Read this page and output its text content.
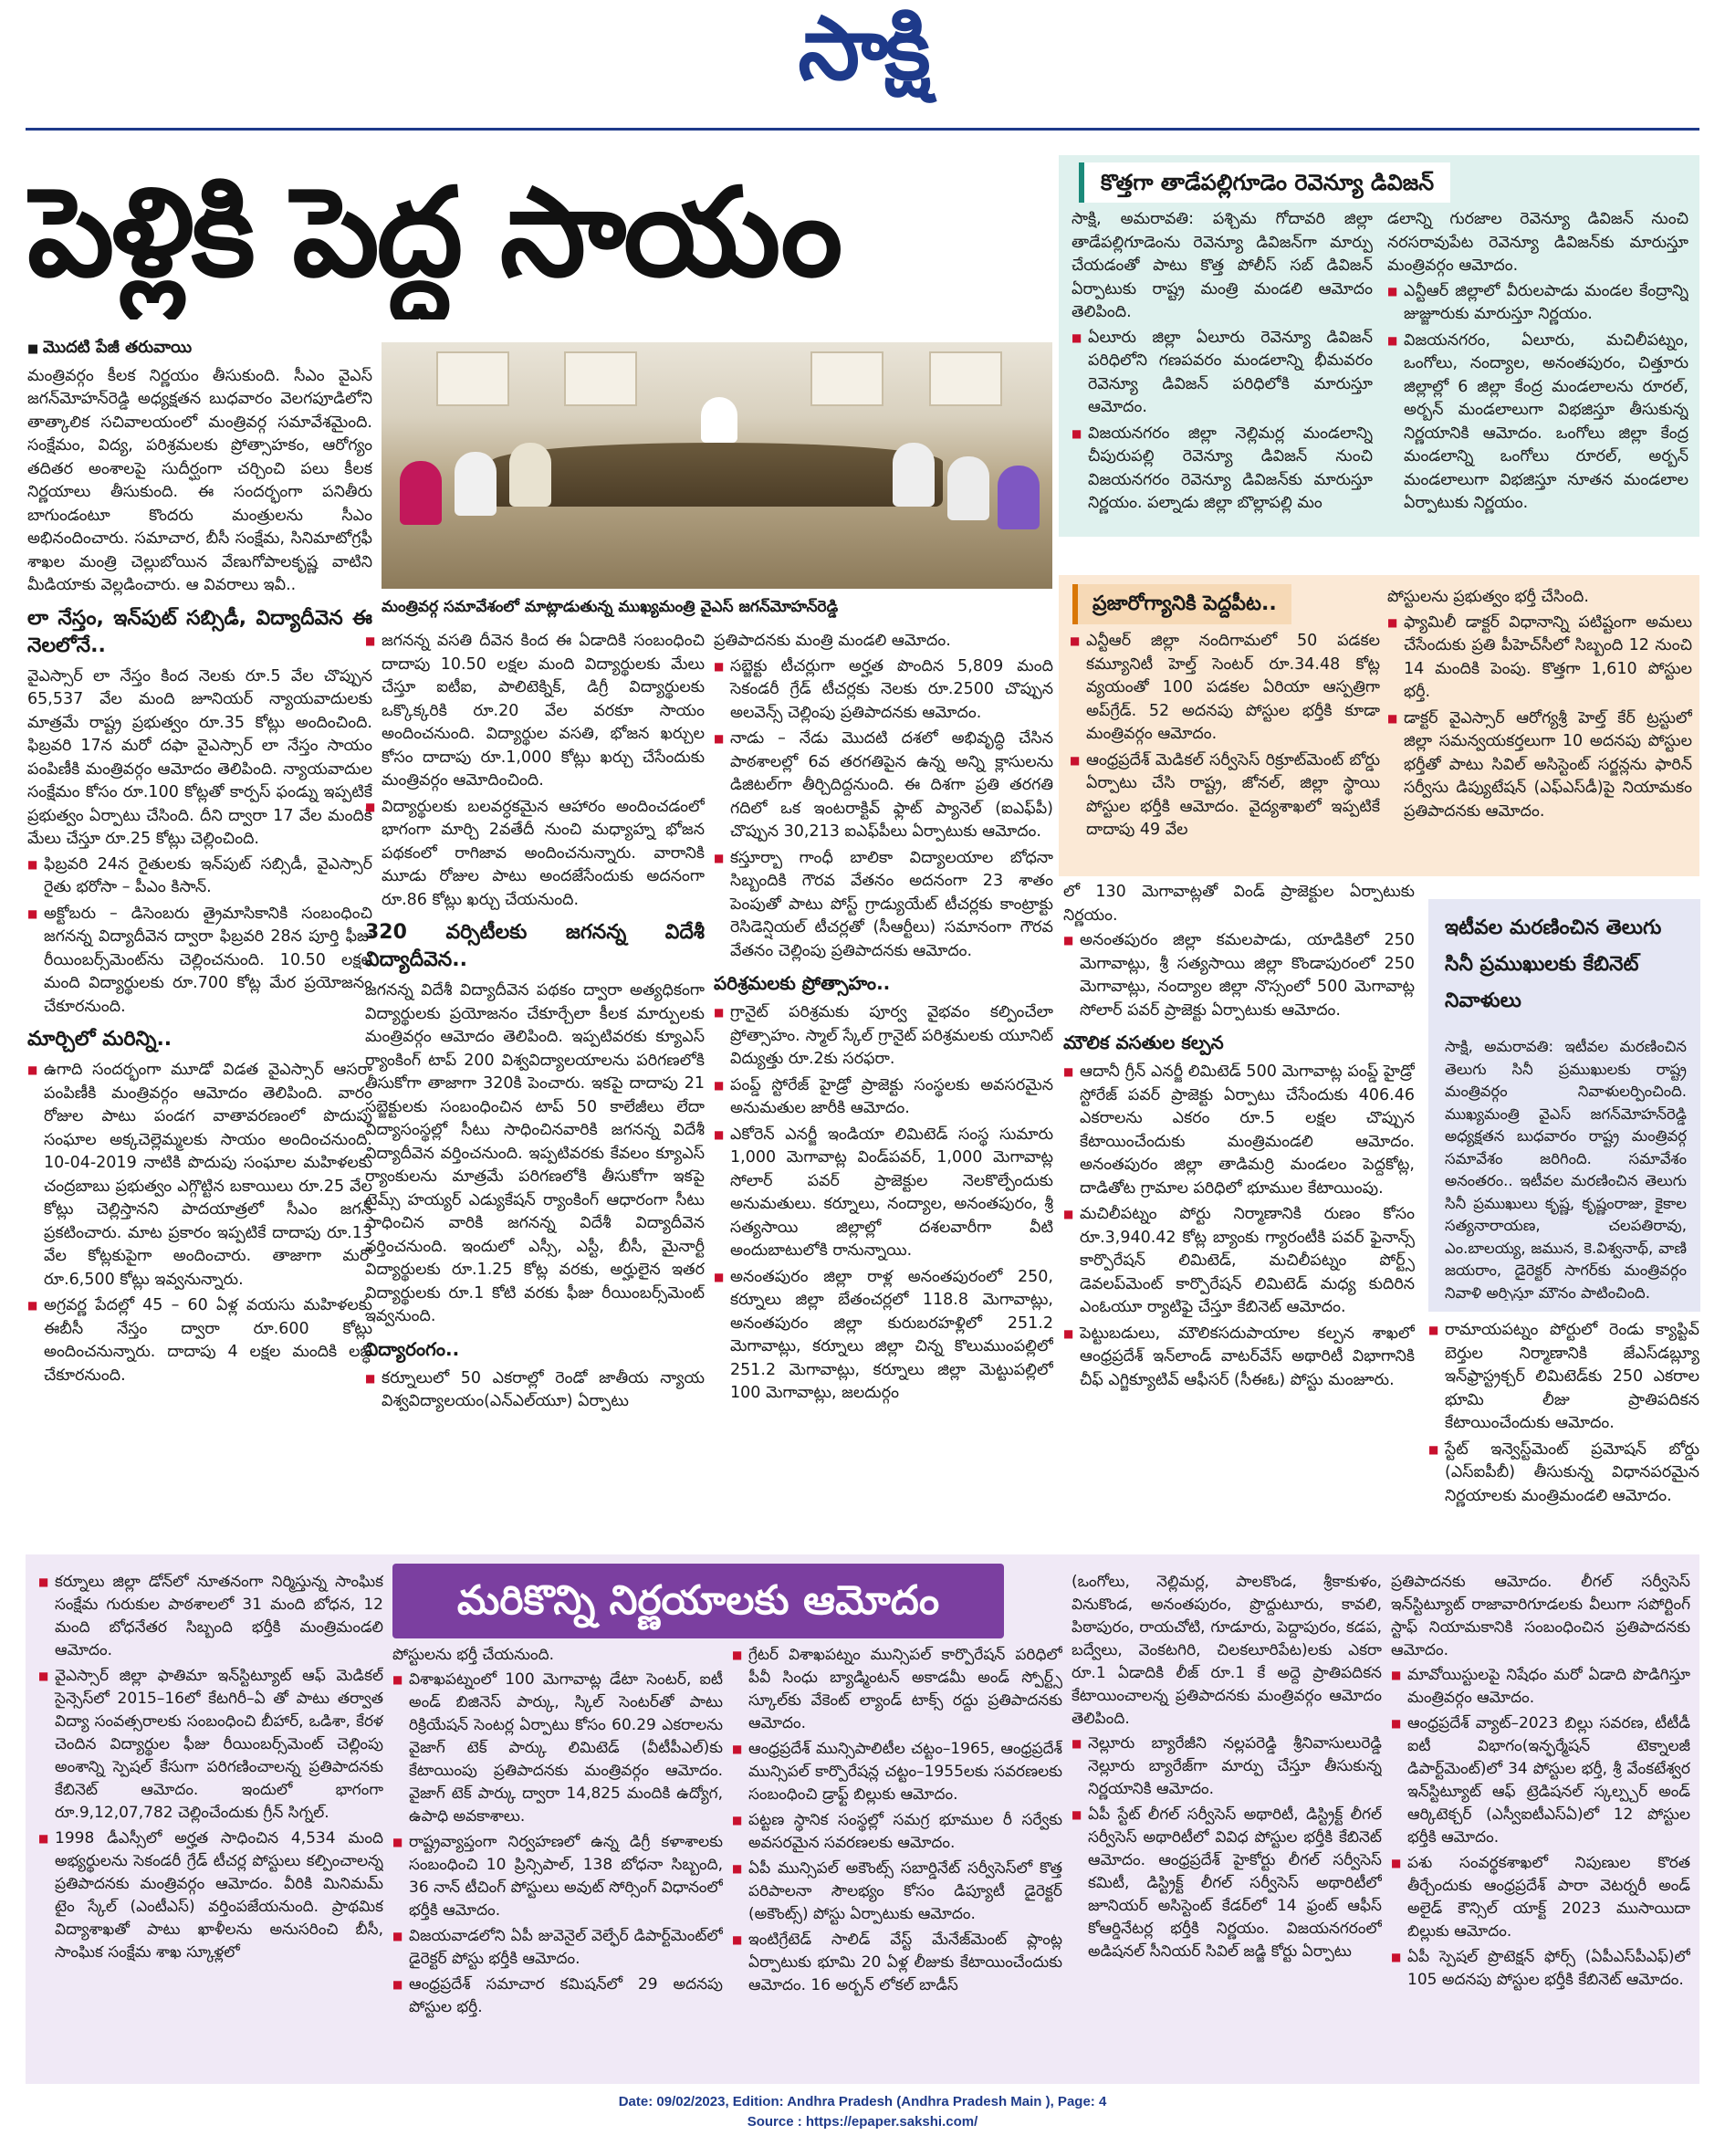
సాక్షి
పెళ్లికి పెద్ద సాయం
■ మొదటి పేజీ తరువాయి

మంత్రివర్గం కీలక నిర్ణయం తీసుకుంది. సీఎం వైఎస్ జగన్‌మోహన్‌రెడ్డి అధ్యక్షతన బుధవారం వెలగపూడిలోని తాత్కాలిక సచివాలయంలో మంత్రివర్గ సమావేశమైంది. సంక్షేమం, విద్య, పరిశ్రమలకు ప్రోత్సాహకం, ఆరోగ్యం తదితర అంశాలపై సుదీర్ఘంగా చర్చించి పలు కీలక నిర్ణయాలు తీసుకుంది. ఈ సందర్భంగా పనితీరు బాగుండంటూ కొందరు మంత్రులను సీఎం అభినందించారు. సమాచార, బీసీ సంక్షేమ, సినిమాటోగ్రఫీ శాఖల మంత్రి చెల్లుబోయిన వేణుగోపాలకృష్ణ వాటిని మీడియాకు వెల్లడించారు. ఆ వివరాలు ఇవీ..

లా నేస్తం, ఇన్‌పుట్ సబ్సిడీ, విద్యాదీవెన ఈ నెలలోనే..

వైఎస్సార్ లా నేస్తం కింద నెలకు రూ.5 వేల చొప్పున 65,537 వేల మంది జూనియర్ న్యాయవాదులకు మాత్రమే రాష్ట్ర ప్రభుత్వం రూ.35 కోట్లు అందించింది. ఫిబ్రవరి 17న మరో దఫా వైఎస్సార్ లా నేస్తం సాయం పంపిణీకి మంత్రివర్గం ఆమోదం తెలిపింది. న్యాయవాదుల సంక్షేమం కోసం రూ.100 కోట్లతో కార్పస్ ఫండ్ను ఇప్పటికే ప్రభుత్వం ఏర్పాటు చేసింది. దీని ద్వారా 17 వేల మందికి మేలు చేస్తూ రూ.25 కోట్లు చెల్లించింది.

■ ఫిబ్రవరి 24న రైతులకు ఇన్‌పుట్ సబ్సిడీ, వైఎస్సార్ రైతు భరోసా – పీఎం కిసాన్.
■ అక్టోబరు – డిసెంబరు త్రైమాసికానికి సంబంధించి జగనన్న విద్యాదీవెన ద్వారా ఫిబ్రవరి 28న పూర్తి ఫీజు రీయింబర్స్‌మెంట్‌ను చెల్లించనుంది. 10.50 లక్షల మంది విద్యార్థులకు రూ.700 కోట్ల మేర ప్రయోజనం చేకూరనుంది.
మార్చిలో మరిన్ని..
■ ఉగాది సందర్భంగా మూడో విడత వైఎస్సార్ ఆసరా పంపిణీకి మంత్రివర్గం ఆమోదం తెలిపింది. వారం రోజుల పాటు పండగ వాతావరణంలో పొదుపు సంఘాల అక్కచెల్లెమ్మలకు సాయం అందించనుంది. 10-04-2019 నాటికి పొదుపు సంఘాల మహిళలకు చంద్రబాబు ప్రభుత్వం ఎగ్గొట్టిన బకాయిలు రూ.25 వేల కోట్లు చెల్లిస్తానని పాదయాత్రలో సీఎం జగన్ ప్రకటించారు. మాట ప్రకారం ఇప్పటికే దాదాపు రూ.13 వేల కోట్లకుపైగా అందించారు. తాజాగా మరో రూ.6,500 కోట్లు ఇవ్వనున్నారు.
■ అగ్రవర్ణ పేదల్లో 45 – 60 ఏళ్ల వయసు మహిళలకు ఈబీసీ నేస్తం ద్వారా రూ.600 కోట్లు అందించనున్నారు. దాదాపు 4 లక్షల మందికి లబ్ధి చేకూరనుంది.
మంత్రివర్గ సమావేశంలో మాట్లాడుతున్న ముఖ్యమంత్రి వైఎస్ జగన్‌మోహన్‌రెడ్డి
■ జగనన్న వసతి దీవెన కింద ఈ ఏడాదికి సంబంధించి దాదాపు 10.50 లక్షల మంది విద్యార్థులకు మేలు చేస్తూ ఐటీఐ, పాలిటెక్నిక్, డిగ్రీ విద్యార్థులకు ఒక్కొక్కరికి రూ.20 వేల వరకూ సాయం అందించనుంది. విద్యార్థుల వసతి, భోజన ఖర్చుల కోసం దాదాపు రూ.1,000 కోట్లు ఖర్చు చేసేందుకు మంత్రివర్గం ఆమోదించింది.
■ విద్యార్థులకు బలవర్ధకమైన ఆహారం అందించడంలో భాగంగా మార్చి 2వతేదీ నుంచి మధ్యాహ్న భోజన పథకంలో రాగిజావ అందించనున్నారు. వారానికి మూడు రోజుల పాటు అందజేసేందుకు అదనంగా రూ.86 కోట్లు ఖర్చు చేయనుంది.
320 వర్సిటీలకు జగనన్న విదేశీ విద్యాదీవెన..

జగనన్న విదేశీ విద్యాదీవెన పథకం ద్వారా అత్యధికంగా విద్యార్థులకు ప్రయోజనం చేకూర్చేలా కీలక మార్పులకు మంత్రివర్గం ఆమోదం తెలిపింది. ఇప్పటివరకు క్యూఎస్ ర్యాంకింగ్ టాప్ 200 విశ్వవిద్యాలయాలను పరిగణలోకి తీసుకోగా తాజాగా 320కి పెంచారు. ఇకపై దాదాపు 21 సబ్జెక్టులకు సంబంధించిన టాప్ 50 కాలేజీలు లేదా విద్యాసంస్థల్లో సీటు సాధించినవారికి జగనన్న విదేశీ విద్యాదీవెన వర్తించనుంది. ఇప్పటివరకు కేవలం క్యూఎస్ ర్యాంకులను మాత్రమే పరిగణలోకి తీసుకోగా ఇకపై టైమ్స్ హయ్యర్ ఎడ్యుకేషన్ ర్యాంకింగ్ ఆధారంగా సీటు సాధించిన వారికి జగనన్న విదేశీ విద్యాదీవెన వర్తించనుంది. ఇందులో ఎస్సీ, ఎస్టీ, బీసీ, మైనార్టీ విద్యార్థులకు రూ.1.25 కోట్ల వరకు, అర్హులైన ఇతర విద్యార్థులకు రూ.1 కోటి వరకు ఫీజు రీయింబర్స్‌మెంట్ ఇవ్వనుంది.

విద్యారంగం..
■ కర్నూలులో 50 ఎకరాల్లో రెండో జాతీయ న్యాయ విశ్వవిద్యాలయం(ఎన్ఎల్‌యూ) ఏర్పాటు

ప్రతిపాదనకు మంత్రి మండలి ఆమోదం.

■ సబ్జెక్టు టీచర్లుగా అర్హత పొందిన 5,809 మంది సెకండరీ గ్రేడ్ టీచర్లకు నెలకు రూ.2500 చొప్పున అలవెన్స్ చెల్లింపు ప్రతిపాదనకు ఆమోదం.
■ నాడు – నేడు మొదటి దశలో అభివృద్ధి చేసిన పాఠశాలల్లో 6వ తరగతిపైన ఉన్న అన్ని క్లాసులను డిజిటల్‌గా తీర్చిదిద్దనుంది. ఈ దిశగా ప్రతి తరగతి గదిలో ఒక ఇంటరాక్టివ్ ఫ్లాట్ ప్యానెల్ (ఐఎఫ్‌పీ) చొప్పున 30,213 ఐఎఫ్‌పీలు ఏర్పాటుకు ఆమోదం.
■ కస్తూర్బా గాంధీ బాలికా విద్యాలయాల బోధనా సిబ్బందికి గౌరవ వేతనం అదనంగా 23 శాతం పెంపుతో పాటు పోస్ట్ గ్రాడ్యుయేట్ టీచర్లకు కాంట్రాక్టు రెసిడెన్షియల్ టీచర్లతో (సీఆర్టీలు) సమానంగా గౌరవ వేతనం చెల్లింపు ప్రతిపాదనకు ఆమోదం.
పరిశ్రమలకు ప్రోత్సాహం..
■ గ్రానైట్ పరిశ్రమకు పూర్వ వైభవం కల్పించేలా ప్రోత్సాహం. స్మాల్ స్కేల్ గ్రానైట్ పరిశ్రమలకు యూనిట్ విద్యుత్తు రూ.2కు సరఫరా.
■ పంప్డ్ స్టోరేజ్ హైడ్రో ప్రాజెక్టు సంస్థలకు అవసరమైన అనుమతుల జారీకి ఆమోదం.
■ ఎకోరెన్ ఎనర్జీ ఇండియా లిమిటెడ్ సంస్థ సుమారు 1,000 మెగావాట్ల విండ్‌పవర్, 1,000 మెగావాట్ల సోలార్ పవర్ ప్రాజెక్టుల నెలకొల్పేందుకు అనుమతులు. కర్నూలు, నంద్యాల, అనంతపురం, శ్రీ సత్యసాయి జిల్లాల్లో దశలవారీగా వీటి అందుబాటులోకి రానున్నాయి.
■ అనంతపురం జిల్లా రాళ్ల అనంతపురంలో 250, కర్నూలు జిల్లా బేతంచర్లలో 118.8 మెగావాట్లు, అనంతపురం జిల్లా కురుబరహళ్లిలో 251.2 మెగావాట్లు, కర్నూలు జిల్లా చిన్న కొలుముంపల్లిలో 251.2 మెగావాట్లు, కర్నూలు జిల్లా మెట్టుపల్లిలో 100 మెగావాట్లు, జలదుర్గం
కొత్తగా తాడేపల్లిగూడెం రెవెన్యూ డివిజన్

సాక్షి, అమరావతి: పశ్చిమ గోదావరి జిల్లా తాడేపల్లిగూడెంను రెవెన్యూ డివిజన్‌గా మార్పు చేయడంతో పాటు కొత్త పోలీస్ సబ్ డివిజన్ ఏర్పాటుకు రాష్ట్ర మంత్రి మండలి ఆమోదం తెలిపింది.

■ ఏలూరు జిల్లా ఏలూరు రెవెన్యూ డివిజన్ పరిధిలోని గణపవరం మండలాన్ని భీమవరం రెవెన్యూ డివిజన్ పరిధిలోకి మారుస్తూ ఆమోదం.
■ విజయనగరం జిల్లా నెల్లిమర్ల మండలాన్ని చీపురుపల్లి రెవెన్యూ డివిజన్ నుంచి విజయనగరం రెవెన్యూ డివిజన్‌కు మారుస్తూ నిర్ణయం. పల్నాడు జిల్లా బొల్లాపల్లి మం

డలాన్ని గురజాల రెవెన్యూ డివిజన్ నుంచి నరసరావుపేట రెవెన్యూ డివిజన్‌కు మారుస్తూ మంత్రివర్గం ఆమోదం.

■ ఎన్టీఆర్ జిల్లాలో వీరులపాడు మండల కేంద్రాన్ని జుజ్జూరుకు మారుస్తూ నిర్ణయం.
■ విజయనగరం, ఏలూరు, మచిలీపట్నం, ఒంగోలు, నంద్యాల, అనంతపురం, చిత్తూరు జిల్లాల్లో 6 జిల్లా కేంద్ర మండలాలను రూరల్, అర్బన్ మండలాలుగా విభజిస్తూ తీసుకున్న నిర్ణయానికి ఆమోదం. ఒంగోలు జిల్లా కేంద్ర మండలాన్ని ఒంగోలు రూరల్, అర్బన్ మండలాలుగా విభజిస్తూ నూతన మండలాల ఏర్పాటుకు నిర్ణయం.
ప్రజారోగ్యానికి పెద్దపీట..
■ ఎన్టీఆర్ జిల్లా నందిగామలో 50 పడకల కమ్యూనిటీ హెల్త్ సెంటర్ రూ.34.48 కోట్ల వ్యయంతో 100 పడకల ఏరియా ఆస్పత్రిగా అప్‌గ్రేడ్. 52 అదనపు పోస్టుల భర్తీకి కూడా మంత్రివర్గం ఆమోదం.
■ ఆంధ్రప్రదేశ్ మెడికల్ సర్వీసెస్ రిక్రూట్‌మెంట్ బోర్డు ఏర్పాటు చేసి రాష్ట్ర, జోనల్, జిల్లా స్థాయి పోస్టుల భర్తీకి ఆమోదం. వైద్యశాఖలో ఇప్పటికే దాదాపు 49 వేల

పోస్టులను ప్రభుత్వం భర్తీ చేసింది.

■ ఫ్యామిలీ డాక్టర్ విధానాన్ని పటిష్టంగా అమలు చేసేందుకు ప్రతి పీహెచ్‌సీలో సిబ్బంది 12 నుంచి 14 మందికి పెంపు. కొత్తగా 1,610 పోస్టుల భర్తీ.
■ డాక్టర్ వైఎస్సార్ ఆరోగ్యశ్రీ హెల్త్ కేర్ ట్రస్టులో జిల్లా సమన్వయకర్తలుగా 10 అదనపు పోస్టుల భర్తీతో పాటు సివిల్ అసిస్టెంట్ సర్జన్లను ఫారిన్ సర్వీసు డిప్యుటేషన్ (ఎఫ్ఎస్‌డీ)పై నియామకం ప్రతిపాదనకు ఆమోదం.

లో 130 మెగావాట్లతో విండ్ ప్రాజెక్టుల ఏర్పాటుకు నిర్ణయం.

■ అనంతపురం జిల్లా కమలపాడు, యాడికిలో 250 మెగావాట్లు, శ్రీ సత్యసాయి జిల్లా కొండాపురంలో 250 మెగావాట్లు, నంద్యాల జిల్లా నొస్సంలో 500 మెగావాట్ల సోలార్ పవర్ ప్రాజెక్టు ఏర్పాటుకు ఆమోదం.
మౌలిక వసతుల కల్పన
■ ఆదానీ గ్రీన్ ఎనర్జీ లిమిటెడ్ 500 మెగావాట్ల పంప్డ్ హైడ్రో స్టోరేజ్ పవర్ ప్రాజెక్టు ఏర్పాటు చేసేందుకు 406.46 ఎకరాలను ఎకరం రూ.5 లక్షల చొప్పున కేటాయించేందుకు మంత్రిమండలి ఆమోదం. అనంతపురం జిల్లా తాడిమర్రి మండలం పెద్దకోట్ల, దాడితోట గ్రామాల పరిధిలో భూముల కేటాయింపు.
■ మచిలీపట్నం పోర్టు నిర్మాణానికి రుణం కోసం రూ.3,940.42 కోట్ల బ్యాంకు గ్యారంటీకి పవర్ ఫైనాన్స్ కార్పొరేషన్ లిమిటెడ్, మచిలీపట్నం పోర్ట్స్ డెవలప్‌మెంట్ కార్పొరేషన్ లిమిటెడ్ మధ్య కుదిరిన ఎంఓయూ ర్యాటిఫై చేస్తూ కేబినెట్ ఆమోదం.
■ పెట్టుబడులు, మౌలికసదుపాయాల కల్పన శాఖలో ఆంధ్రప్రదేశ్ ఇన్‌లాండ్ వాటర్‌వేస్ అథారిటీ విభాగానికి చీఫ్ ఎగ్జిక్యూటివ్ ఆఫీసర్ (సీఈఓ) పోస్టు మంజూరు.
ఇటీవల మరణించిన తెలుగు సినీ ప్రముఖులకు కేబినెట్ నివాళులు

సాక్షి, అమరావతి: ఇటీవల మరణించిన తెలుగు సినీ ప్రముఖులకు రాష్ట్ర మంత్రివర్గం నివాళులర్పించింది. ముఖ్యమంత్రి వైఎస్ జగన్‌మోహన్‌రెడ్డి అధ్యక్షతన బుధవారం రాష్ట్ర మంత్రివర్గ సమావేశం జరిగింది. సమావేశం అనంతరం.. ఇటీవల మరణించిన తెలుగు సినీ ప్రముఖులు కృష్ణ, కృష్ణంరాజు, కైకాల సత్యనారాయణ, చలపతిరావు, ఎం.బాలయ్య, జమున, కె.విశ్వనాథ్, వాణి జయరాం, డైరెక్టర్ సాగర్‌కు మంత్రివర్గం నివాళి అర్పిస్తూ మౌనం పాటించింది.

■ రామాయపట్నం పోర్టులో రెండు క్యాప్టివ్ బెర్తుల నిర్మాణానికి జేఎస్‌డబ్ల్యూ ఇన్‌ఫ్రాస్ట్రక్చర్ లిమిటెడ్‌కు 250 ఎకరాల భూమి లీజు ప్రాతిపదికన కేటాయించేందుకు ఆమోదం.
■ స్టేట్ ఇన్వెస్ట్‌మెంట్ ప్రమోషన్ బోర్డు (ఎస్ఐపీబీ) తీసుకున్న విధానపరమైన నిర్ణయాలకు మంత్రిమండలి ఆమోదం.
■ కర్నూలు జిల్లా డోన్‌లో నూతనంగా నిర్మిస్తున్న సాంఘిక సంక్షేమ గురుకుల పాఠశాలలో 31 మంది బోధన, 12 మంది బోధనేతర సిబ్బంది భర్తీకి మంత్రిమండలి ఆమోదం.
■ వైఎస్సార్ జిల్లా ఫాతిమా ఇన్‌స్టిట్యూట్ ఆఫ్ మెడికల్ సైన్సెస్‌లో 2015–16లో కేటగిరీ–ఏ తో పాటు తర్వాత విద్యా సంవత్సరాలకు సంబంధించి బీహార్, ఒడిశా, కేరళ చెందిన విద్యార్థుల ఫీజు రీయింబర్స్‌మెంట్ చెల్లింపు అంశాన్ని స్పెషల్ కేసుగా పరిగణించాలన్న ప్రతిపాదనకు కేబినెట్ ఆమోదం. ఇందులో భాగంగా రూ.9,12,07,782 చెల్లించేందుకు గ్రీన్ సిగ్నల్.
■ 1998 డీఎస్సీలో అర్హత సాధించిన 4,534 మంది అభ్యర్థులను సెకండరీ గ్రేడ్ టీచర్ల పోస్టులు కల్పించాలన్న ప్రతిపాదనకు మంత్రివర్గం ఆమోదం. వీరికి మినిమమ్ టైం స్కేల్ (ఎంటీఎస్) వర్తింపజేయనుంది. ప్రాథమిక విద్యాశాఖతో పాటు ఖాళీలను అనుసరించి బీసీ, సాంఘిక సంక్షేమ శాఖ స్కూళ్లలో

పోస్టులను భర్తీ చేయనుంది.

■ విశాఖపట్నంలో 100 మెగావాట్ల డేటా సెంటర్, ఐటీ అండ్ బిజినెస్ పార్కు, స్కిల్ సెంటర్‌తో పాటు రిక్రియేషన్ సెంటర్ల ఏర్పాటు కోసం 60.29 ఎకరాలను వైజాగ్ టెక్ పార్కు లిమిటెడ్ (వీటీపీఎల్)కు కేటాయింపు ప్రతిపాదనకు మంత్రివర్గం ఆమోదం. వైజాగ్ టెక్ పార్కు ద్వారా 14,825 మందికి ఉద్యోగ, ఉపాధి అవకాశాలు.
■ రాష్ట్రవ్యాప్తంగా నిర్వహణలో ఉన్న డిగ్రీ కళాశాలకు సంబంధించి 10 ప్రిన్సిపాల్, 138 బోధనా సిబ్బంది, 36 నాన్ టీచింగ్ పోస్టులు అవుట్ సోర్సింగ్ విధానంలో భర్తీకి ఆమోదం.
■ విజయవాడలోని ఏపీ జువెనైల్ వెల్ఫేర్ డిపార్ట్‌మెంట్‌లో డైరెక్టర్ పోస్టు భర్తీకి ఆమోదం.
■ ఆంధ్రప్రదేశ్ సమాచార కమిషన్‌లో 29 అదనపు పోస్టుల భర్తీ.
■ గ్రేటర్ విశాఖపట్నం మున్సిపల్ కార్పొరేషన్ పరిధిలో పీవీ సింధు బ్యాడ్మింటన్ అకాడమీ అండ్ స్పోర్ట్స్ స్కూల్‌కు వేకెంట్ ల్యాండ్ టాక్స్ రద్దు ప్రతిపాదనకు ఆమోదం.
■ ఆంధ్రప్రదేశ్ మున్సిపాలిటీల చట్టం–1965, ఆంధ్రప్రదేశ్ మున్సిపల్ కార్పొరేషన్ల చట్టం–1955లకు సవరణలకు సంబంధించి డ్రాఫ్ట్ బిల్లుకు ఆమోదం.
■ పట్టణ స్థానిక సంస్థల్లో సమగ్ర భూముల రీ సర్వేకు అవసరమైన సవరణలకు ఆమోదం.
■ ఏపీ మున్సిపల్ అకౌంట్స్ సబార్డినేట్ సర్వీసెస్‌లో కొత్త పరిపాలనా సౌలభ్యం కోసం డిప్యూటీ డైరెక్టర్ (అకౌంట్స్) పోస్టు ఏర్పాటుకు ఆమోదం.
■ ఇంటిగ్రేటెడ్ సాలిడ్ వేస్ట్ మేనేజ్‌మెంట్ ప్లాంట్ల ఏర్పాటుకు భూమి 20 ఏళ్ల లీజుకు కేటాయించేందుకు ఆమోదం. 16 అర్బన్ లోకల్ బాడీస్

(ఒంగోలు, నెల్లిమర్ల, పాలకొండ, శ్రీకాకుళం, వినుకొండ, అనంతపురం, ప్రొద్దుటూరు, కావలి, పిఠాపురం, రాయచోటి, గూడూరు, పెద్దాపురం, కడప, బద్వేలు, వెంకటగిరి, చిలకలూరిపేట)లకు ఎకరా రూ.1 ఏడాదికి లీజ్ రూ.1 కే అద్దె ప్రాతిపదికన కేటాయించాలన్న ప్రతిపాదనకు మంత్రివర్గం ఆమోదం తెలిపింది.

■ నెల్లూరు బ్యారేజీని నల్లపరెడ్డి శ్రీనివాసులురెడ్డి నెల్లూరు బ్యారేజ్‌గా మార్పు చేస్తూ తీసుకున్న నిర్ణయానికి ఆమోదం.
■ ఏపీ స్టేట్ లీగల్ సర్వీసెస్ అథారిటీ, డిస్ట్రిక్ట్ లీగల్ సర్వీసెస్ అథారిటీలో వివిధ పోస్టుల భర్తీకి కేబినెట్ ఆమోదం. ఆంధ్రప్రదేశ్ హైకోర్టు లీగల్ సర్వీసెస్ కమిటీ, డిస్ట్రిక్ట్ లీగల్ సర్వీసెస్ అథారిటీలో జూనియర్ అసిస్టెంట్ కేడర్‌లో 14 ఫ్రంట్ ఆఫీస్ కోఆర్డినేటర్ల భర్తీకి నిర్ణయం. విజయనగరంలో అడిషనల్ సీనియర్ సివిల్ జడ్జి కోర్టు ఏర్పాటు

ప్రతిపాదనకు ఆమోదం. లీగల్ సర్వీసెస్ ఇన్‌స్టిట్యూట్ రాజావారిగూడలకు వీలుగా సపోర్టింగ్ స్టాఫ్ నియామకానికి సంబంధించిన ప్రతిపాదనకు ఆమోదం.

■ మావోయిస్టులపై నిషేధం మరో ఏడాది పొడిగిస్తూ మంత్రివర్గం ఆమోదం.
■ ఆంధ్రప్రదేశ్ వ్యాట్–2023 బిల్లు సవరణ, టీటీడీ ఐటీ విభాగం(ఇన్ఫర్మేషన్ టెక్నాలజీ డిపార్ట్‌మెంట్)లో 34 పోస్టుల భర్తీ, శ్రీ వేంకటేశ్వర ఇన్‌స్టిట్యూట్ ఆఫ్ ట్రెడిషనల్ స్కల్ప్చర్ అండ్ ఆర్కిటెక్చర్ (ఎస్వీఐటీఎస్‌ఏ)లో 12 పోస్టుల భర్తీకి ఆమోదం.
■ పశు సంవర్థకశాఖలో నిపుణుల కొరత తీర్చేందుకు ఆంధ్రప్రదేశ్ పారా వెటర్నరీ అండ్ అలైడ్ కౌన్సిల్ యాక్ట్ 2023 ముసాయిదా బిల్లుకు ఆమోదం.
■ ఏపీ స్పెషల్ ప్రొటెక్షన్ ఫోర్స్ (ఏపీఎస్‌పీఎఫ్)లో 105 అదనపు పోస్టుల భర్తీకి కేబినెట్ ఆమోదం.
మరికొన్ని నిర్ణయాలకు ఆమోదం
Date: 09/02/2023, Edition: Andhra Pradesh (Andhra Pradesh Main ), Page: 4
Source : https://epaper.sakshi.com/
